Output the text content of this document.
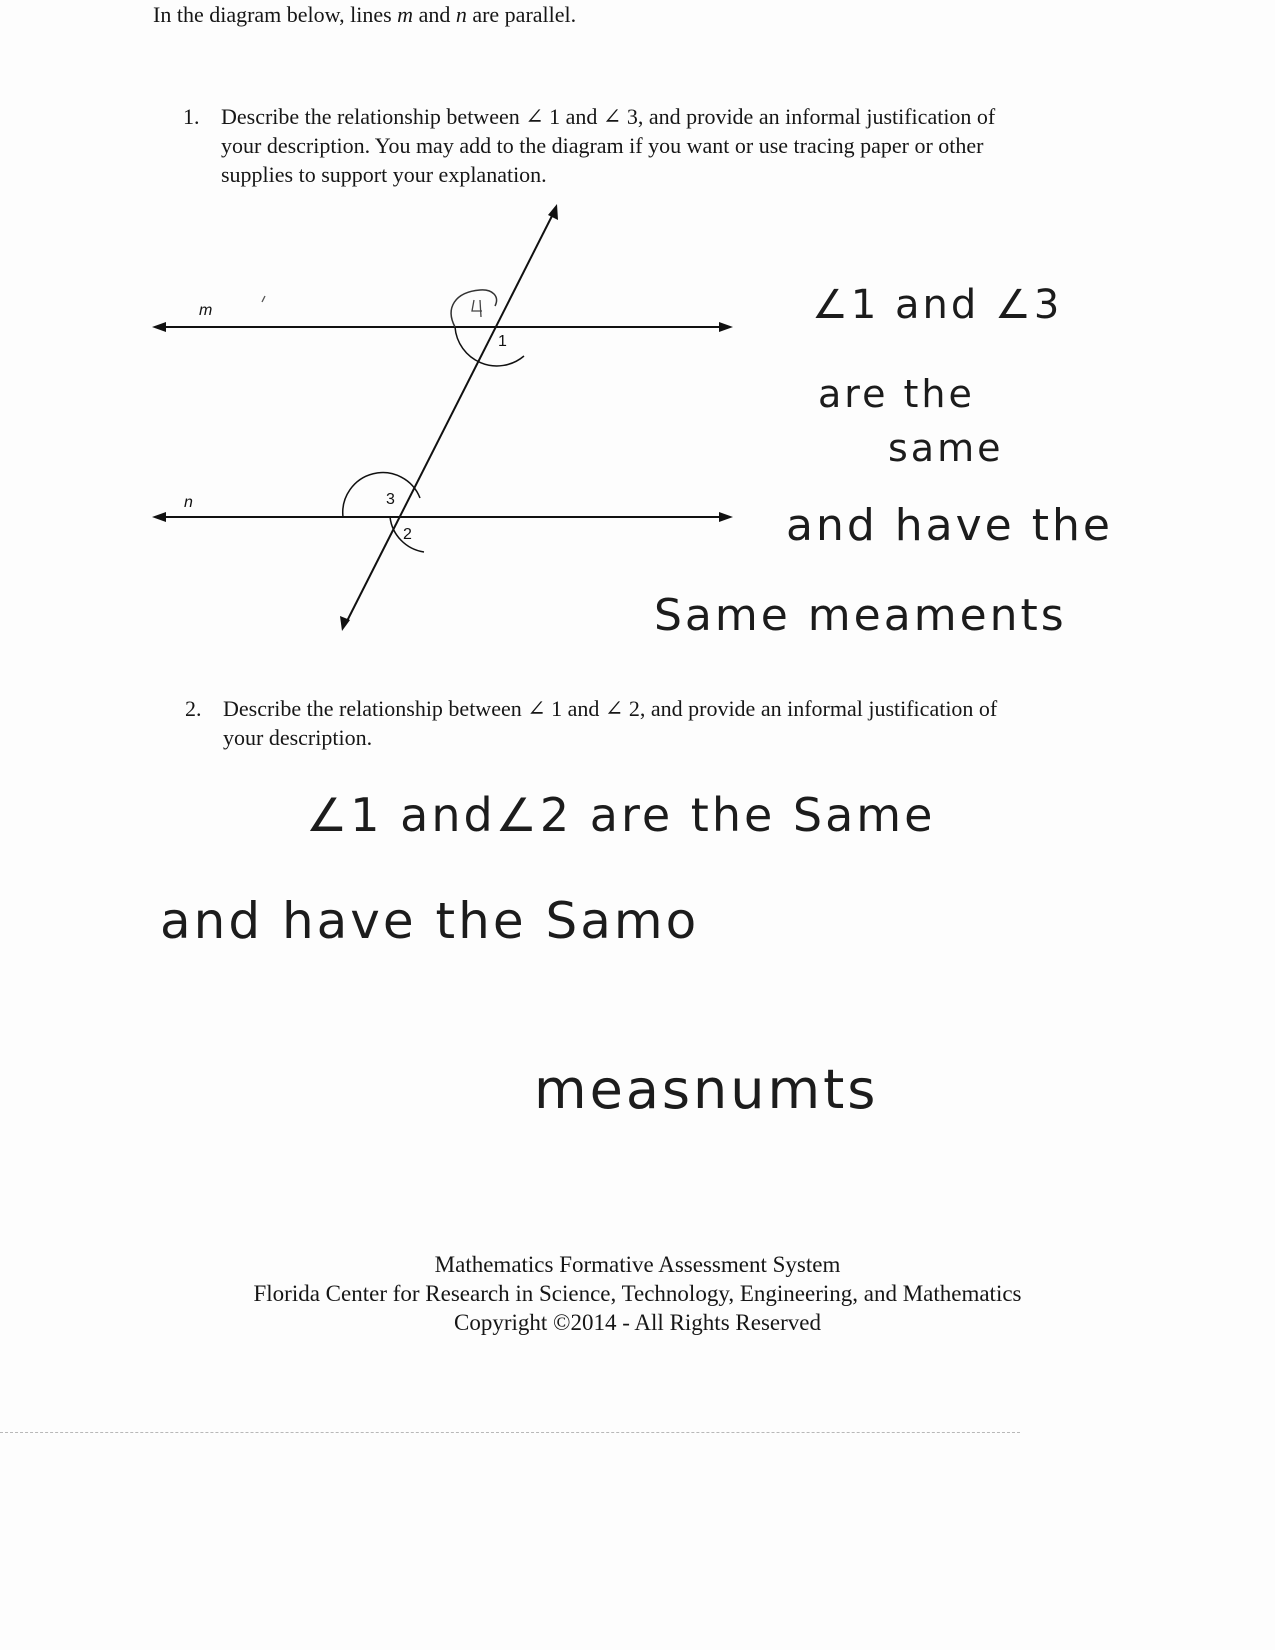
In the diagram below, lines m and n are parallel.
1. Describe the relationship between ∠ 1 and ∠ 3, and provide an informal justification of
your description. You may add to the diagram if you want or use tracing paper or other
supplies to support your explanation.
m
n
1
3
2
∠1 and ∠3
are the
same
and have the
Same meaments
2. Describe the relationship between ∠ 1 and ∠ 2, and provide an informal justification of
your description.
∠1 and∠2 are the Same
and have the Samo
measnumts
Mathematics Formative Assessment System
Florida Center for Research in Science, Technology, Engineering, and Mathematics
Copyright ©2014 - All Rights Reserved
